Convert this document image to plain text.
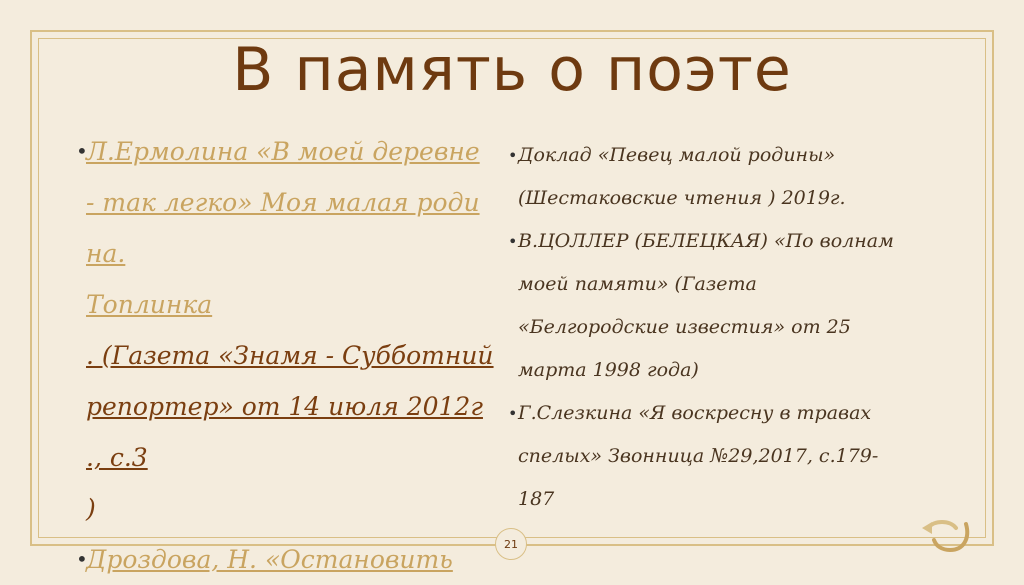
В память о поэте
•
Л.Ермолина «В моей деревне
- так легко» Моя малая роди
на.
Топлинка
. (Газета «Знамя - Субботний
репортер» от 14 июля 2012г
., с.3
)
•
Дроздова, Н. «Остановить
• Доклад «Певец малой родины»
(Шестаковские чтения ) 2019г.
• В.ЦОЛЛЕР (БЕЛЕЦКАЯ) «По волнам
моей памяти» (Газета
«Белгородские известия» от 25
марта 1998 года)
• Г.Слезкина «Я воскресну в травах
спелых» Звонница №29,2017, с.179-
187
21
